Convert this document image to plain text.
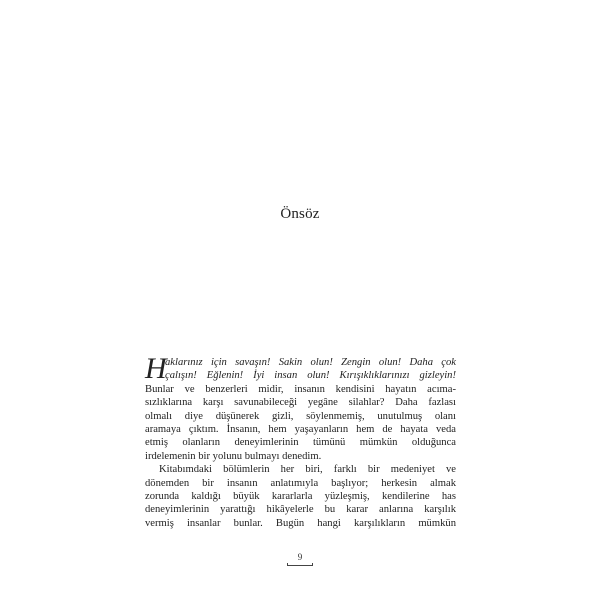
Önsöz
H
aklarınız için savaşın! Sakin olun! Zengin olun! Daha çok
çalışın! Eğlenin! İyi insan olun! Kırışıklıklarınızı gizleyin!
Bunlar ve benzerleri midir, insanın kendisini hayatın acıma-
sızlıklarına karşı savunabileceği yegâne silahlar? Daha fazlası
olmalı diye düşünerek gizli, söylenmemiş, unutulmuş olanı
aramaya çıktım. İnsanın, hem yaşayanların hem de hayata veda
etmiş olanların deneyimlerinin tümünü mümkün olduğunca
irdelemenin bir yolunu bulmayı denedim.
Kitabımdaki bölümlerin her biri, farklı bir medeniyet ve
dönemden bir insanın anlatımıyla başlıyor; herkesin almak
zorunda kaldığı büyük kararlarla yüzleşmiş, kendilerine has
deneyimlerinin yarattığı hikâyelerle bu karar anlarına karşılık
vermiş insanlar bunlar. Bugün hangi karşılıkların mümkün
9
